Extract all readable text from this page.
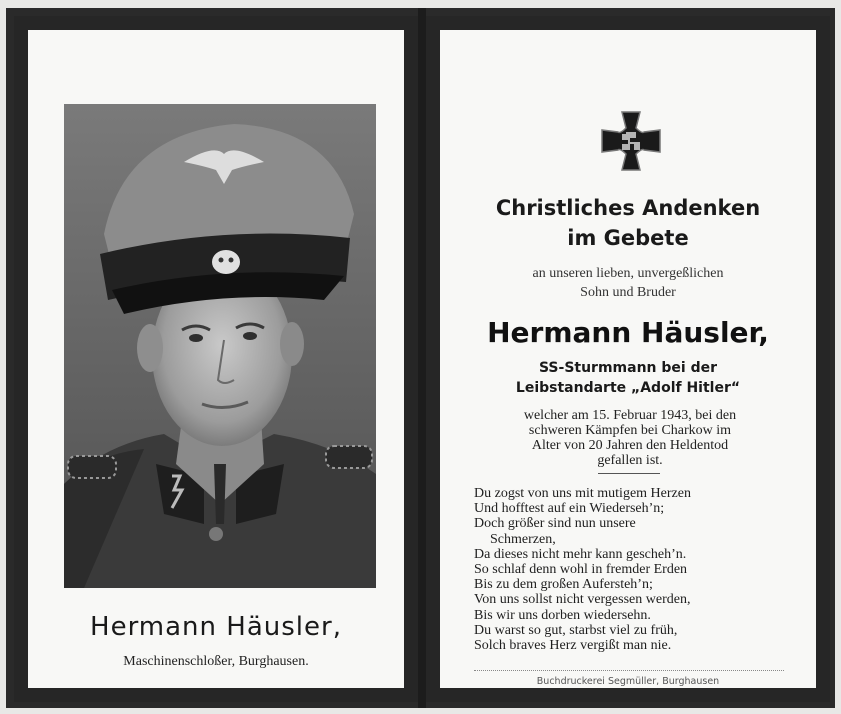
Hermann Häusler,
Maschinenschloßer, Burghausen.
Christliches Andenken
im Gebete
an unseren lieben, unvergeßlichen
Sohn und Bruder
Hermann Häusler,
SS-Sturmmann bei der
Leibstandarte „Adolf Hitler“
welcher am 15. Februar 1943, bei den
schweren Kämpfen bei Charkow im
Alter von 20 Jahren den Heldentod
gefallen ist.
Du zogst von uns mit mutigem Herzen
Und hofftest auf ein Wiederseh’n;
Doch größer sind nun unsere
Schmerzen,
Da dieses nicht mehr kann gescheh’n.
So schlaf denn wohl in fremder Erden
Bis zu dem großen Aufersteh’n;
Von uns sollst nicht vergessen werden,
Bis wir uns dorben wiedersehn.
Du warst so gut, starbst viel zu früh,
Solch braves Herz vergißt man nie.
Buchdruckerei Segmüller, Burghausen
